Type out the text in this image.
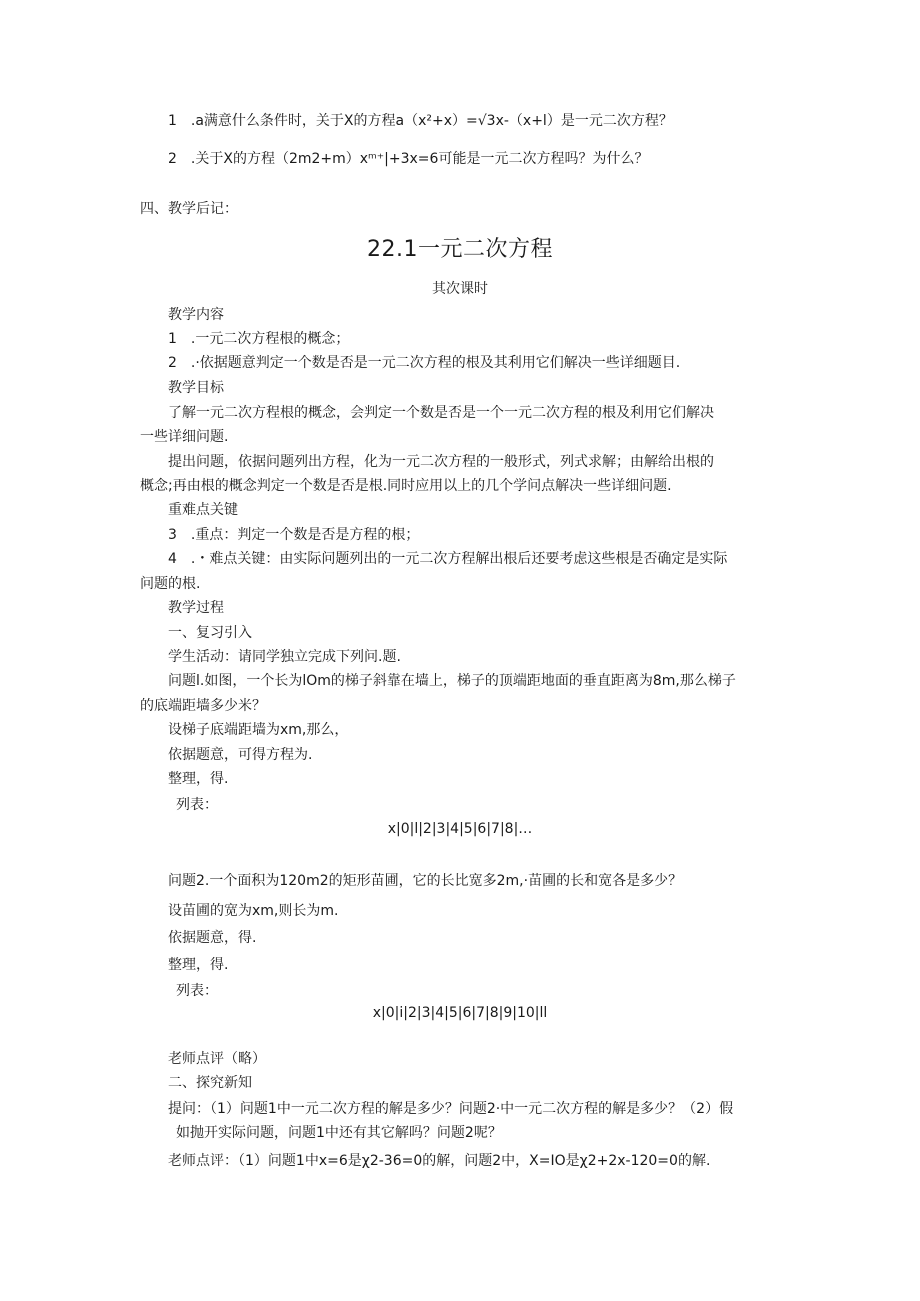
1　.a满意什么条件时，关于X的方程a（x²+x）=√3x-（x+l）是一元二次方程？
2　.关于X的方程（2m2+m）xᵐ⁺|+3x=6可能是一元二次方程吗？为什么？
四、教学后记：
22.1一元二次方程
其次课时
教学内容
1　.一元二次方程根的概念；
2　.·依据题意判定一个数是否是一元二次方程的根及其利用它们解决一些详细题目.
教学目标
了解一元二次方程根的概念，会判定一个数是否是一个一元二次方程的根及利用它们解决
一些详细问题.
提出问题，依据问题列出方程，化为一元二次方程的一般形式，列式求解；由解给出根的
概念;再由根的概念判定一个数是否是根.同时应用以上的几个学问点解决一些详细问题.
重难点关键
3　.重点：判定一个数是否是方程的根；
4　.・难点关键：由实际问题列出的一元二次方程解出根后还要考虑这些根是否确定是实际
问题的根.
教学过程
一、复习引入
学生活动：请同学独立完成下列问.题.
问题l.如图，一个长为lOm的梯子斜靠在墙上，梯子的顶端距地面的垂直距离为8m,那么梯子
的底端距墙多少米？
设梯子底端距墙为xm,那么，
依据题意，可得方程为.
整理，得.
列表：
x|0|l|2|3|4|5|6|7|8|…
问题2.一个面积为120m2的矩形苗圃，它的长比宽多2m,·苗圃的长和宽各是多少？
设苗圃的宽为xm,则长为m.
依据题意，得.
整理，得.
列表：
x|0|i|2|3|4|5|6|7|8|9|10|ll
老师点评（略）
二、探究新知
提问：（1）问题1中一元二次方程的解是多少？问题2·中一元二次方程的解是多少？（2）假
如抛开实际问题，问题1中还有其它解吗？问题2呢？
老师点评：（1）问题1中x=6是χ2-36=0的解，问题2中，X=IO是χ2+2x-120=0的解.
